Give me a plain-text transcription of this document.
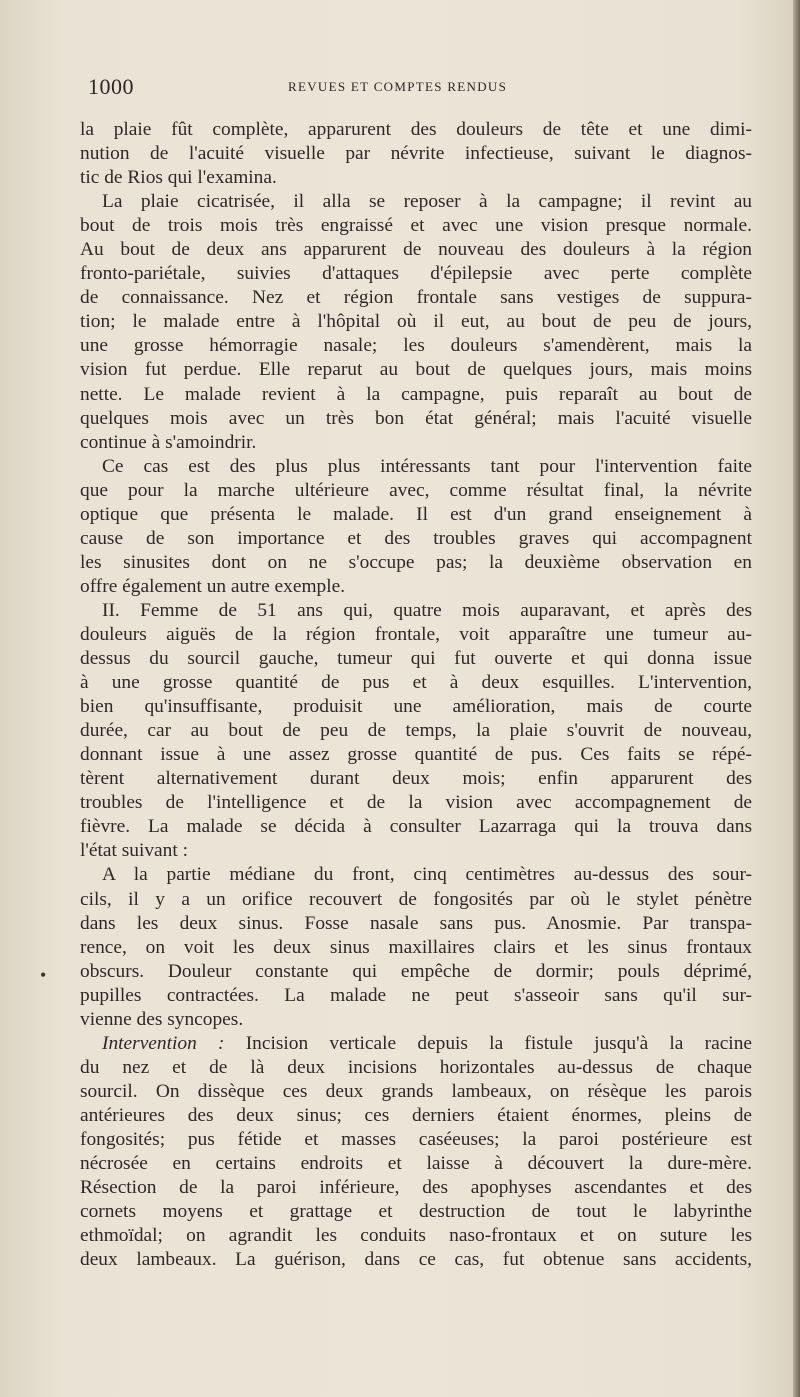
1000	REVUES ET COMPTES RENDUS
•
la plaie fût complète, apparurent des douleurs de tête et une dimi-
nution de l'acuité visuelle par névrite infectieuse, suivant le diagnos-
tic de Rios qui l'examina.
La plaie cicatrisée, il alla se reposer à la campagne; il revint au
bout de trois mois très engraissé et avec une vision presque normale.
Au bout de deux ans apparurent de nouveau des douleurs à la région
fronto-pariétale, suivies d'attaques d'épilepsie avec perte complète
de connaissance. Nez et région frontale sans vestiges de suppura-
tion; le malade entre à l'hôpital où il eut, au bout de peu de jours,
une grosse hémorragie nasale; les douleurs s'amendèrent, mais la
vision fut perdue. Elle reparut au bout de quelques jours, mais moins
nette. Le malade revient à la campagne, puis reparaît au bout de
quelques mois avec un très bon état général; mais l'acuité visuelle
continue à s'amoindrir.
Ce cas est des plus plus intéressants tant pour l'intervention faite
que pour la marche ultérieure avec, comme résultat final, la névrite
optique que présenta le malade. Il est d'un grand enseignement à
cause de son importance et des troubles graves qui accompagnent
les sinusites dont on ne s'occupe pas; la deuxième observation en
offre également un autre exemple.
II. Femme de 51 ans qui, quatre mois auparavant, et après des
douleurs aiguës de la région frontale, voit apparaître une tumeur au-
dessus du sourcil gauche, tumeur qui fut ouverte et qui donna issue
à une grosse quantité de pus et à deux esquilles. L'intervention,
bien qu'insuffisante, produisit une amélioration, mais de courte
durée, car au bout de peu de temps, la plaie s'ouvrit de nouveau,
donnant issue à une assez grosse quantité de pus. Ces faits se répé-
tèrent alternativement durant deux mois; enfin apparurent des
troubles de l'intelligence et de la vision avec accompagnement de
fièvre. La malade se décida à consulter Lazarraga qui la trouva dans
l'état suivant :
A la partie médiane du front, cinq centimètres au-dessus des sour-
cils, il y a un orifice recouvert de fongosités par où le stylet pénètre
dans les deux sinus. Fosse nasale sans pus. Anosmie. Par transpa-
rence, on voit les deux sinus maxillaires clairs et les sinus frontaux
obscurs. Douleur constante qui empêche de dormir; pouls déprimé,
pupilles contractées. La malade ne peut s'asseoir sans qu'il sur-
vienne des syncopes.
Intervention : Incision verticale depuis la fistule jusqu'à la racine
du nez et de là deux incisions horizontales au-dessus de chaque
sourcil. On dissèque ces deux grands lambeaux, on résèque les parois
antérieures des deux sinus; ces derniers étaient énormes, pleins de
fongosités; pus fétide et masses caséeuses; la paroi postérieure est
nécrosée en certains endroits et laisse à découvert la dure-mère.
Résection de la paroi inférieure, des apophyses ascendantes et des
cornets moyens et grattage et destruction de tout le labyrinthe
ethmoïdal; on agrandit les conduits naso-frontaux et on suture les
deux lambeaux. La guérison, dans ce cas, fut obtenue sans accidents,
